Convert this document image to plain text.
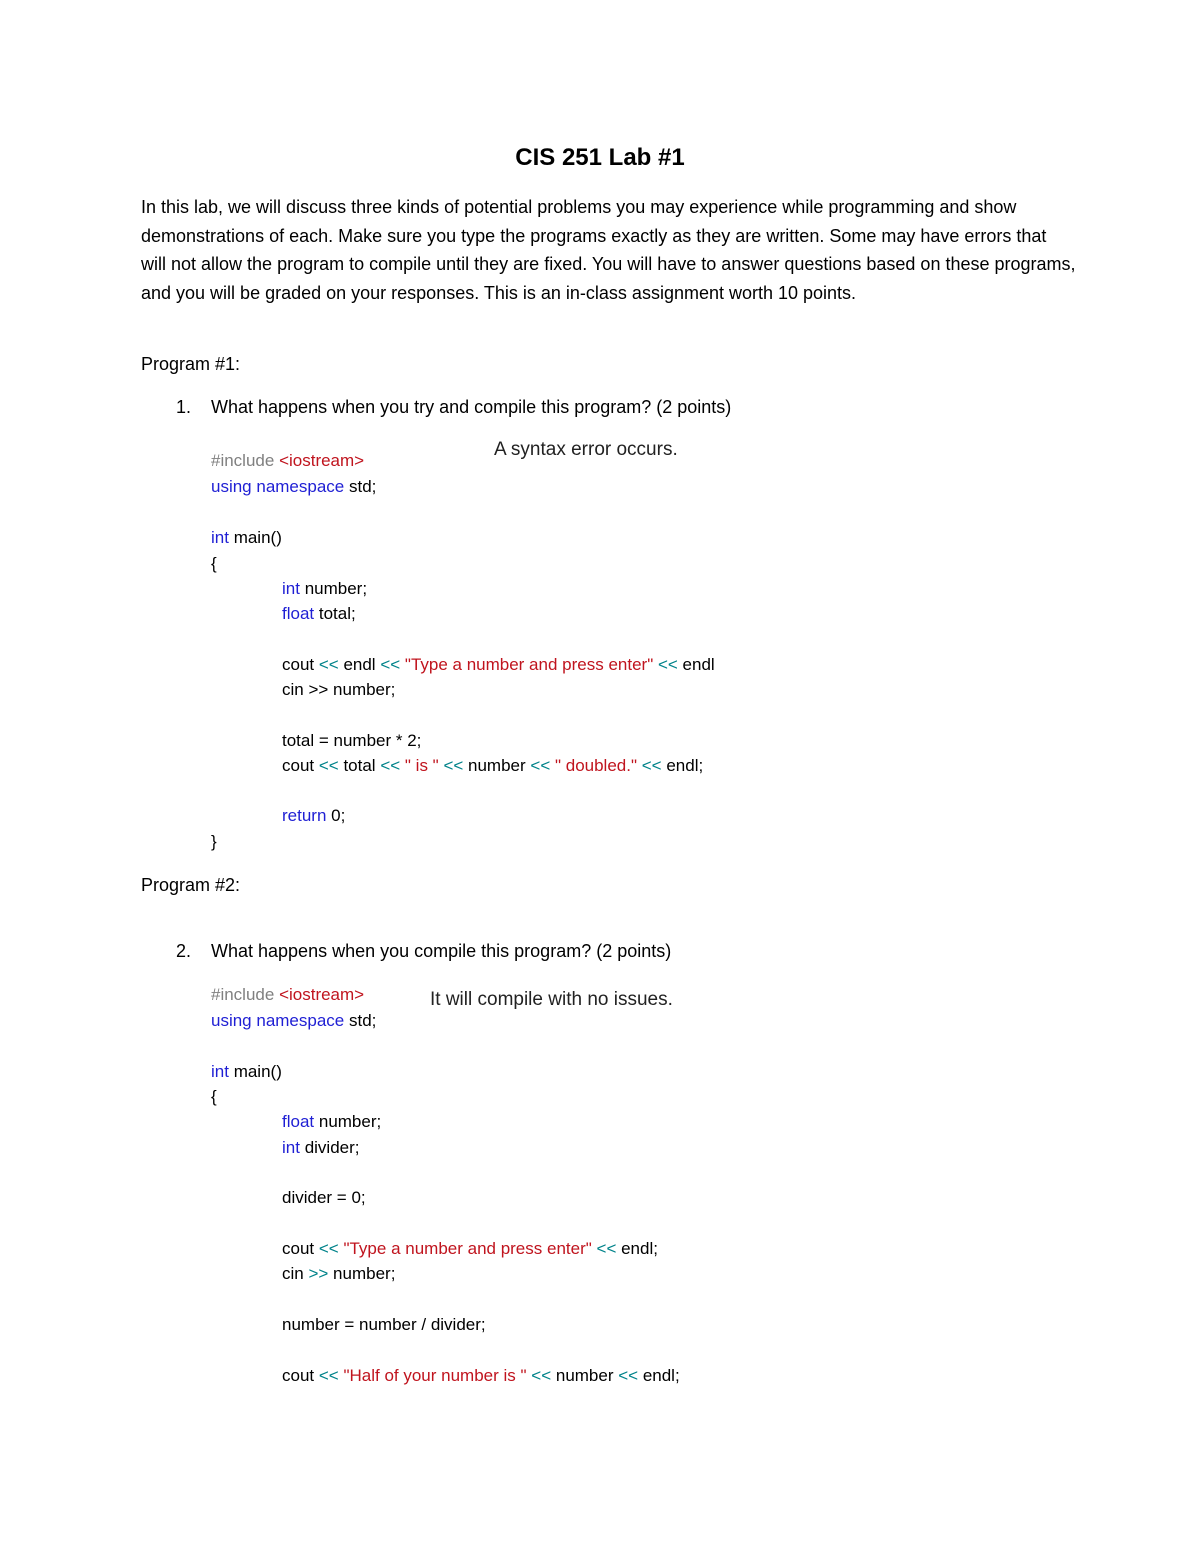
CIS 251 Lab #1
In this lab, we will discuss three kinds of potential problems you may experience while programming and show demonstrations of each. Make sure you type the programs exactly as they are written. Some may have errors that will not allow the program to compile until they are fixed. You will have to answer questions based on these programs, and you will be graded on your responses. This is an in-class assignment worth 10 points.
Program #1:
1. What happens when you try and compile this program? (2 points)
A syntax error occurs.
#include <iostream>
using namespace std;
int main()
{
int number;
float total;
cout << endl << "Type a number and press enter" << endl
cin >> number;
total = number * 2;
cout << total << " is " << number << " doubled." << endl;
return 0;
}
Program #2:
2. What happens when you compile this program? (2 points)
It will compile with no issues.
#include <iostream>
using namespace std;
int main()
{
float number;
int divider;
divider = 0;
cout << "Type a number and press enter" << endl;
cin >> number;
number = number / divider;
cout << "Half of your number is " << number << endl;
